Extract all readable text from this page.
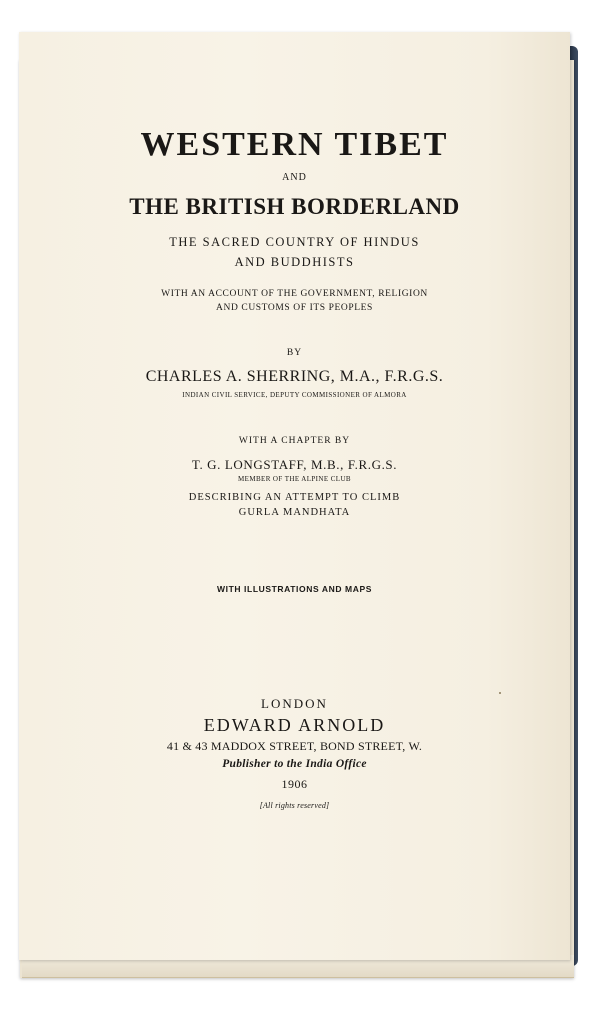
WESTERN TIBET

AND

THE BRITISH BORDERLAND

THE SACRED COUNTRY OF HINDUS

AND BUDDHISTS

WITH AN ACCOUNT OF THE GOVERNMENT, RELIGION

AND CUSTOMS OF ITS PEOPLES

BY

CHARLES A. SHERRING, M.A., F.R.G.S.

INDIAN CIVIL SERVICE, DEPUTY COMMISSIONER OF ALMORA

WITH A CHAPTER BY

T. G. LONGSTAFF, M.B., F.R.G.S.

MEMBER OF THE ALPINE CLUB

DESCRIBING AN ATTEMPT TO CLIMB

GURLA MANDHATA

WITH ILLUSTRATIONS AND MAPS

LONDON

EDWARD ARNOLD

41 & 43 MADDOX STREET, BOND STREET, W.

Publisher to the India Office

1906

[All rights reserved]
